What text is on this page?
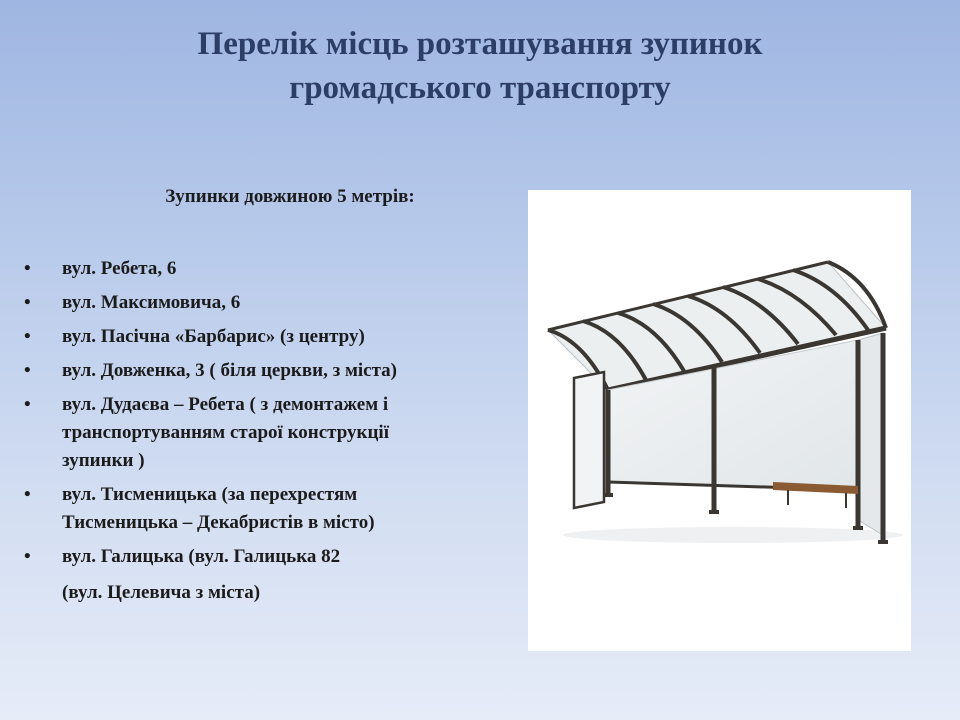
Перелік місць розташування зупинок
громадського транспорту
Зупинки довжиною 5 метрів:
• вул. Ребета, 6
• вул. Максимовича, 6
• вул. Пасічна «Барбарис» (з центру)
• вул. Довженка, 3 ( біля церкви, з міста)
• вул. Дудаєва – Ребета ( з демонтажем і
транспортуванням старої конструкції
зупинки )
• вул. Тисменицька (за перехрестям
Тисменицька – Декабристів в місто)
• вул. Галицька (вул. Галицька 82
(вул. Целевича з міста)
